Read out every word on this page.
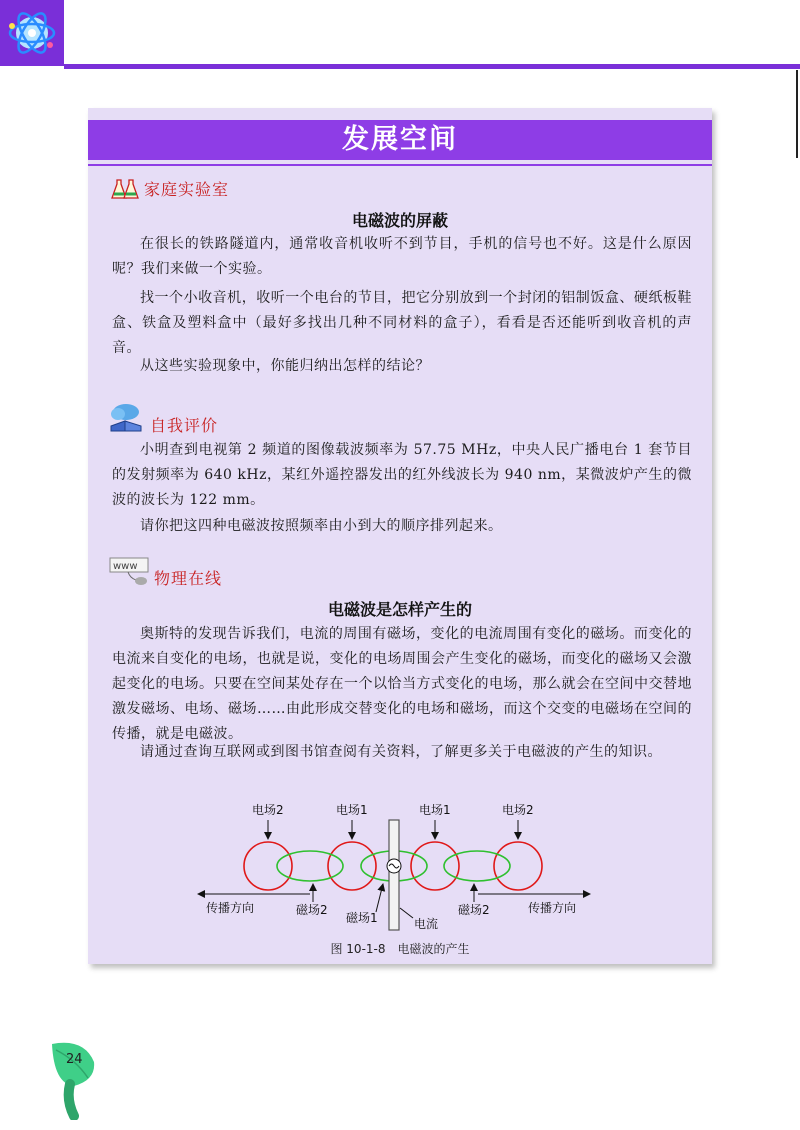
发展空间
家庭实验室
电磁波的屏蔽
在很长的铁路隧道内，通常收音机收听不到节目，手机的信号也不好。这是什么原因呢？我们来做一个实验。
找一个小收音机，收听一个电台的节目，把它分别放到一个封闭的铝制饭盒、硬纸板鞋盒、铁盒及塑料盒中（最好多找出几种不同材料的盒子），看看是否还能听到收音机的声音。
从这些实验现象中，你能归纳出怎样的结论？
自我评价
小明查到电视第 2 频道的图像载波频率为 57.75 MHz，中央人民广播电台 1 套节目的发射频率为 640 kHz，某红外遥控器发出的红外线波长为 940 nm，某微波炉产生的微波的波长为 122 mm。
请你把这四种电磁波按照频率由小到大的顺序排列起来。
www
物理在线
电磁波是怎样产生的
奥斯特的发现告诉我们，电流的周围有磁场，变化的电流周围有变化的磁场。而变化的电流来自变化的电场，也就是说，变化的电场周围会产生变化的磁场，而变化的磁场又会激起变化的电场。只要在空间某处存在一个以恰当方式变化的电场，那么就会在空间中交替地激发磁场、电场、磁场……由此形成交替变化的电场和磁场，而这个交变的电磁场在空间的传播，就是电磁波。
请通过查询互联网或到图书馆查阅有关资料，了解更多关于电磁波的产生的知识。
电场2	电场1	电场1	电场2
传播方向	传播方向
磁场2
磁场1	电流
磁场2
图 10-1-8　电磁波的产生
24
